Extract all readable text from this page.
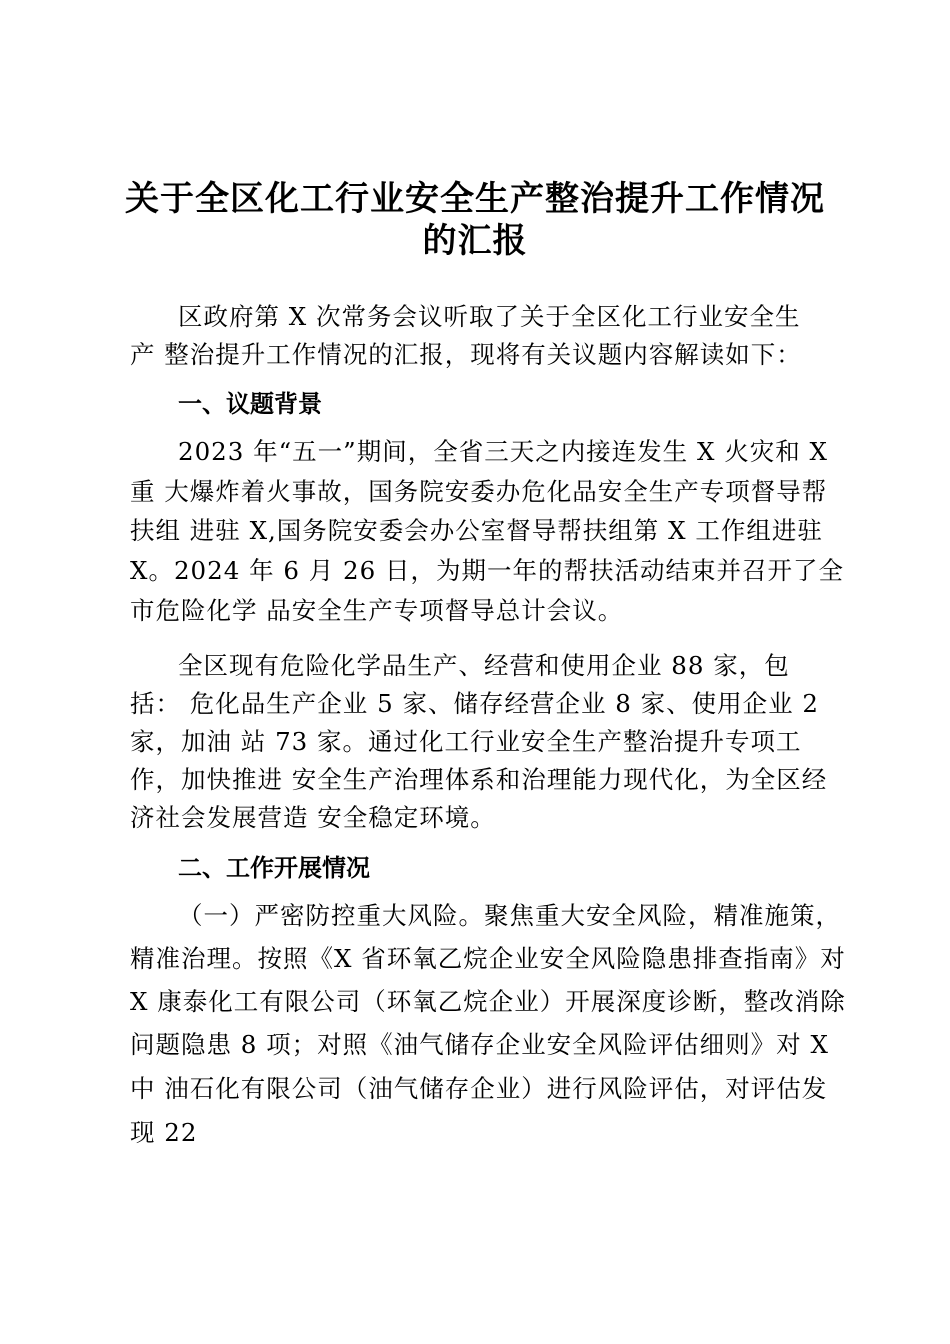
关于全区化工行业安全生产整治提升工作情况
的汇报
区政府第 X 次常务会议听取了关于全区化工行业安全生
产 整治提升工作情况的汇报，现将有关议题内容解读如下：
一、议题背景
2023 年“五一”期间，全省三天之内接连发生 X 火灾和 X
重 大爆炸着火事故，国务院安委办危化品安全生产专项督导帮
扶组 进驻 X,国务院安委会办公室督导帮扶组第 X 工作组进驻
X。2024 年 6 月 26 日，为期一年的帮扶活动结束并召开了全
市危险化学 品安全生产专项督导总计会议。
全区现有危险化学品生产、经营和使用企业 88 家，包
括： 危化品生产企业 5 家、储存经营企业 8 家、使用企业 2
家，加油 站 73 家。通过化工行业安全生产整治提升专项工
作，加快推进 安全生产治理体系和治理能力现代化，为全区经
济社会发展营造 安全稳定环境。
二、工作开展情况
（一）严密防控重大风险。聚焦重大安全风险，精准施策，
精准治理。按照《X 省环氧乙烷企业安全风险隐患排查指南》对
X 康泰化工有限公司（环氧乙烷企业）开展深度诊断，整改消除
问题隐患 8 项；对照《油气储存企业安全风险评估细则》对 X
中 油石化有限公司（油气储存企业）进行风险评估，对评估发
现 22
